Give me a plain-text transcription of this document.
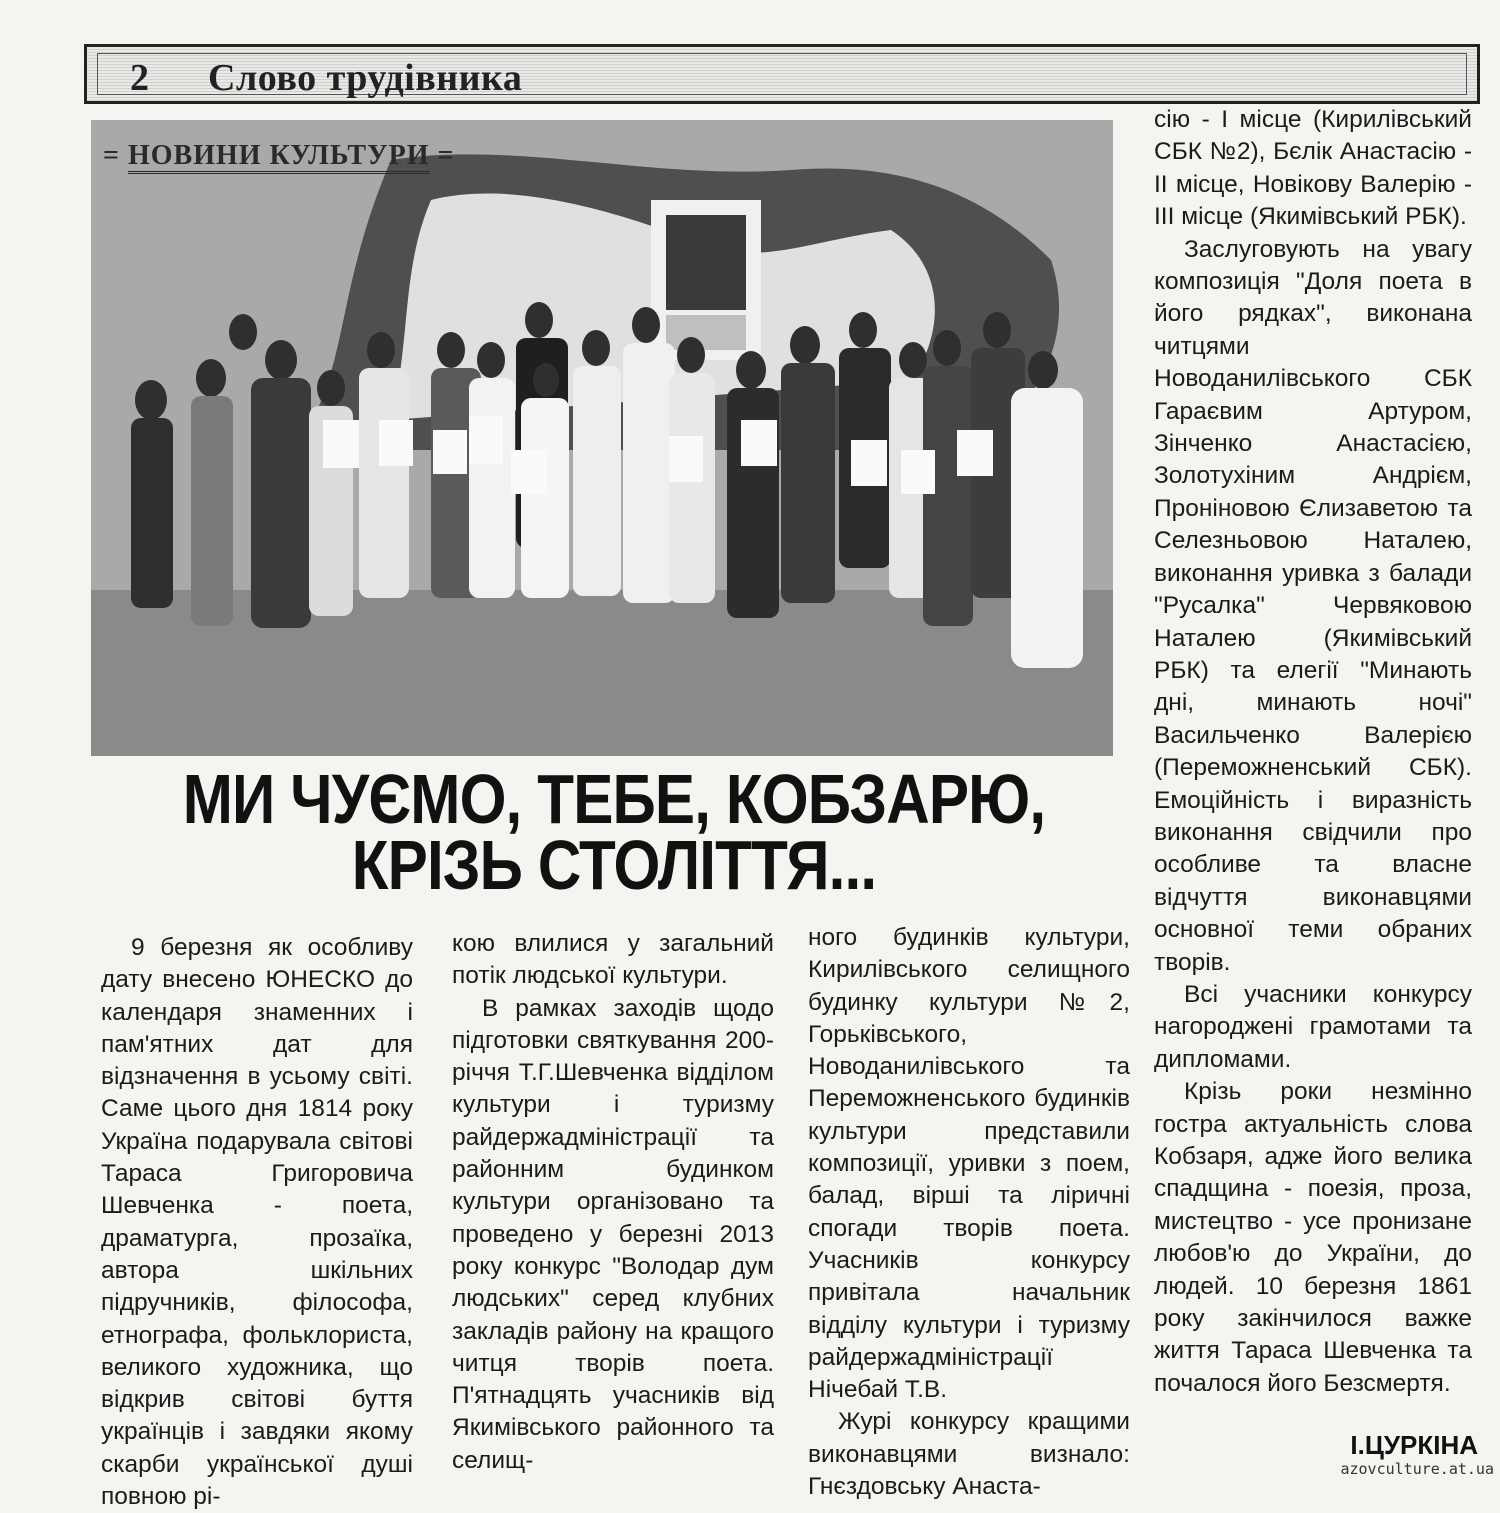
2 Слово трудівника
= НОВИНИ КУЛЬТУРИ =
МИ ЧУЄМО, ТЕБЕ, КОБЗАРЮ,
КРІЗЬ СТОЛІТТЯ...

9 березня як особливу дату внесено ЮНЕСКО до календаря знаменних і пам'ятних дат для відзначення в усьому світі. Саме цього дня 1814 року Україна подарувала світові Тараса Григоровича Шевченка - поета, драматурга, прозаїка, автора шкільних підручників, філософа, етнографа, фольклориста, великого художника, що відкрив світові буття українців і завдяки якому скарби української душі повною рі-

кою влилися у загальний потік людської культури.

В рамках заходів щодо підготовки святкування 200-річчя Т.Г.Шевченка відділом культури і туризму райдержадміністрації та районним будинком культури організовано та проведено у березні 2013 року конкурс "Володар дум людських" серед клубних закладів району на кращого читця творів поета. П'ятнадцять учасників від Якимівського районного та селищ-

ного будинків культури, Кирилівського селищного будинку культури №2, Горьківського, Новоданилівського та Переможненського будинків культури представили композиції, уривки з поем, балад, вірші та ліричні спогади творів поета. Учасників конкурсу привітала начальник відділу культури і туризму райдержадміністрації Нічебай Т.В.

Журі конкурсу кращими виконавцями визнало: Гнєздовську Анаста-

сію - І місце (Кирилівський СБК №2), Бєлік Анастасію - ІІ місце, Новікову Валерію - ІІІ місце (Якимівський РБК).

Заслуговують на увагу композиція "Доля поета в його рядках", виконана читцями Новоданилівського СБК Гараєвим Артуром, Зінченко Анастасією, Золотухіним Андрієм, Проніновою Єлизаветою та Селезньовою Наталею, виконання уривка з балади "Русалка" Червяковою Наталею (Якимівський РБК) та елегії "Минають дні, минають ночі" Васильченко Валерією (Переможненський СБК). Емоційність і виразність виконання свідчили про особливе та власне відчуття виконавцями основної теми обраних творів.

Всі учасники конкурсу нагороджені грамотами та дипломами.

Крізь роки незмінно гостра актуальність слова Кобзаря, адже його велика спадщина - поезія, проза, мистецтво - усе пронизане любов'ю до України, до людей. 10 березня 1861 року закінчилося важке життя Тараса Шевченка та почалося його Безсмертя.

І.ЦУРКІНА
azovculture.at.ua
